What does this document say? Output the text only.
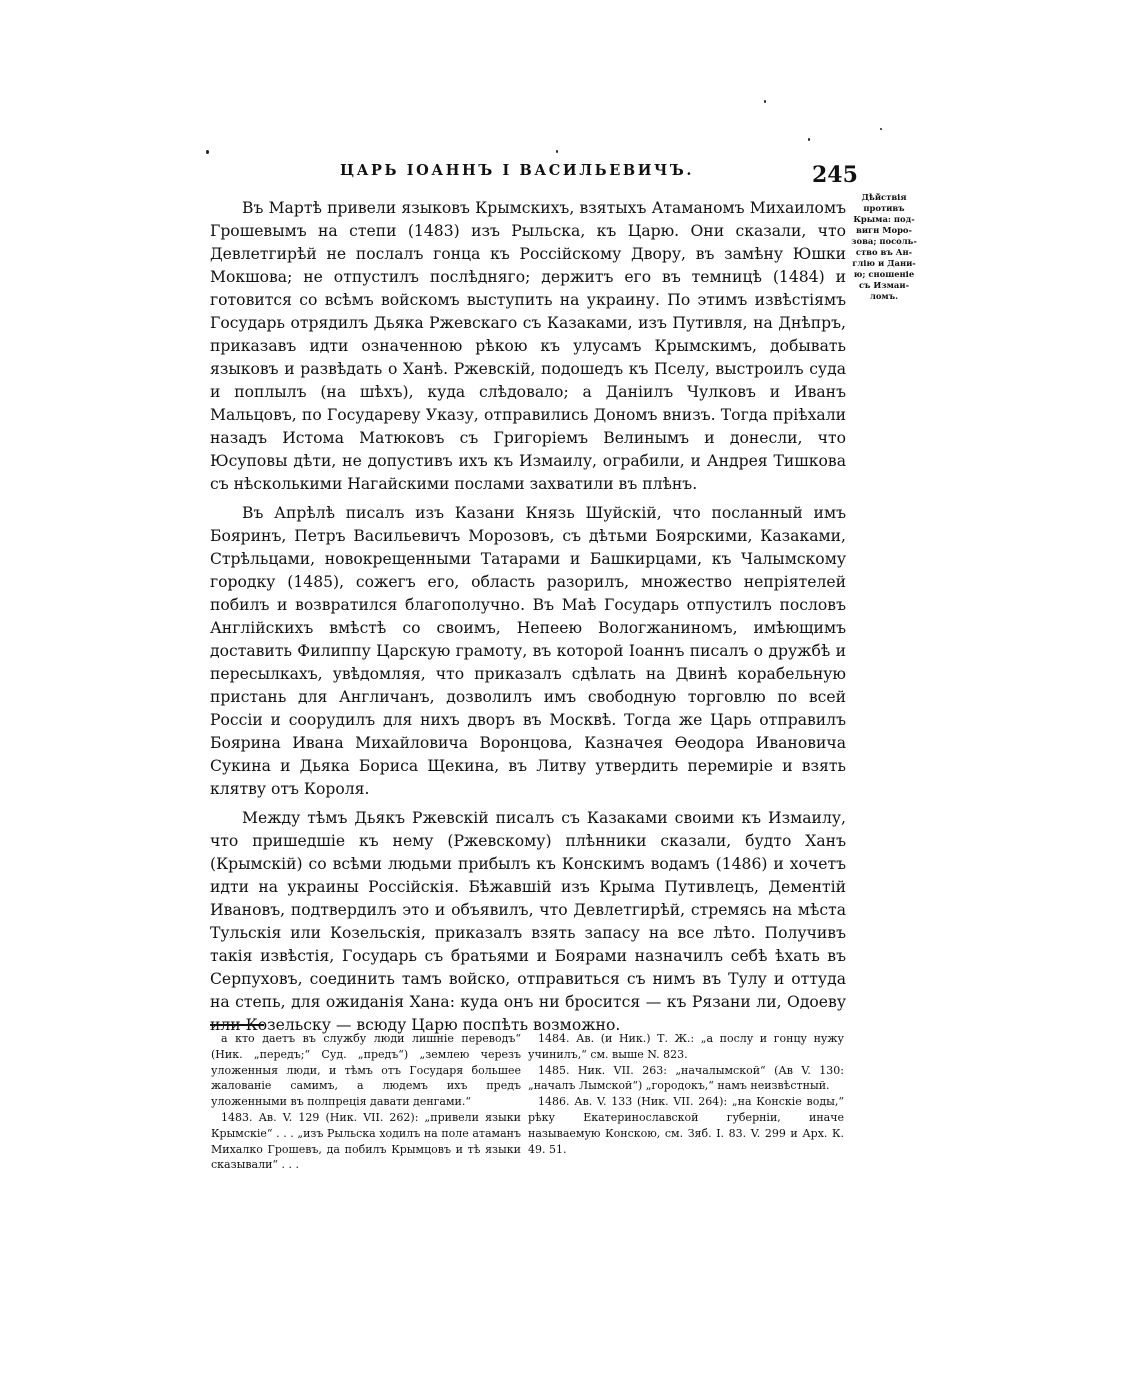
ЦАРЬ ІОАННЪ І ВАСИЛЬЕВИЧЪ.	245
Дѣйствія
противъ
Крыма: под-
вигн Моро-
зова; посоль-
ство въ Ан-
глію и Дани-
ю; сношеніе
съ Измаи-
ломъ.

Въ Мартѣ привели языковъ Крымскихъ, взятыхъ Атаманомъ Михаиломъ Грошевымъ на степи (1483) изъ Рыльска, къ Царю. Они сказали, что Девлетгирѣй не послалъ гонца къ Россійскому Двору, въ замѣну Юшки Мокшова; не отпустилъ послѣдняго; держитъ его въ темницѣ (1484) и готовится со всѣмъ войскомъ выступить на украину. По этимъ извѣстіямъ Государь отрядилъ Дьяка Ржевскаго съ Казаками, изъ Путивля, на Днѣпръ, приказавъ идти означенною рѣкою къ улусамъ Крымскимъ, добывать языковъ и развѣдать о Ханѣ. Ржевскій, подошедъ къ Пселу, выстроилъ суда и поплылъ (на шѣхъ), куда слѣдовало; а Даніилъ Чулковъ и Иванъ Мальцовъ, по Государеву Указу, отправились Дономъ внизъ. Тогда пріѣхали назадъ Истома Матюковъ съ Григоріемъ Велинымъ и донесли, что Юсуповы дѣти, не допустивъ ихъ къ Измаилу, ограбили, и Андрея Тишкова съ нѣсколькими Нагайскими послами захватили въ плѣнъ.

Въ Апрѣлѣ писалъ изъ Казани Князь Шуйскій, что посланный имъ Бояринъ, Петръ Васильевичъ Морозовъ, съ дѣтьми Боярскими, Казаками, Стрѣльцами, новокрещенными Татарами и Башкирцами, къ Чалымскому городку (1485), сожегъ его, область разорилъ, множество непріятелей побилъ и возвратился благополучно. Въ Маѣ Государь отпустилъ пословъ Англійскихъ вмѣстѣ со своимъ, Непеею Вологжаниномъ, имѣющимъ доставить Филиппу Царскую грамоту, въ которой Іоаннъ писалъ о дружбѣ и пересылкахъ, увѣдомляя, что приказалъ сдѣлать на Двинѣ корабельную пристань для Англичанъ, дозволилъ имъ свободную торговлю по всей Россіи и соорудилъ для нихъ дворъ въ Москвѣ. Тогда же Царь отправилъ Боярина Ивана Михайловича Воронцова, Казначея Ѳеодора Ивановича Сукина и Дьяка Бориса Щекина, въ Литву утвердить перемиріе и взять клятву отъ Короля.

Между тѣмъ Дьякъ Ржевскій писалъ съ Казаками своими къ Измаилу, что пришедшіе къ нему (Ржевскому) плѣнники сказали, будто Ханъ (Крымскій) со всѣми людьми прибылъ къ Конскимъ водамъ (1486) и хочетъ идти на украины Россійскія. Бѣжавшій изъ Крыма Путивлецъ, Дементій Ивановъ, подтвердилъ это и объявилъ, что Девлетгирѣй, стремясь на мѣста Тульскія или Козельскія, приказалъ взять запасу на все лѣто. Получивъ такія извѣстія, Государь съ братьями и Боярами назначилъ себѣ ѣхать въ Серпуховъ, соединить тамъ войско, отправиться съ нимъ въ Тулу и оттуда на степь, для ожиданія Хана: куда онъ ни бросится — къ Рязани ли, Одоеву или Козельску — всюду Царю поспѣть возможно.

а кто даетъ въ службу люди лишніе переводъ“ (Ник. „передъ;“ Суд. „предъ“) „землею черезъ уложенныя люди, и тѣмъ отъ Государя большее жалованіе самимъ, а людемъ ихъ предъ уложенными въ полпреція давати денгами.“

1483. Ав. V. 129 (Ник. VII. 262): „привели языки Крымскіе“ . . . „изъ Рыльска ходилъ на поле атаманъ Михалко Грошевъ, да побилъ Крымцовъ и тѣ языки сказывали“ . . .

1484. Ав. (и Ник.) Т. Ж.: „а послу и гонцу нужу учинилъ,“ см. выше N. 823.

1485. Ник. VII. 263: „началымской“ (Ав V. 130: „началъ Лымской“) „городокъ,“ намъ неизвѣстный.

1486. Ав. V. 133 (Ник. VII. 264): „на Конскіе воды,“ рѣку Екатеринославской губерніи, иначе называемую Конскою, см. Зяб. I. 83. V. 299 и Арх. К. 49. 51.
